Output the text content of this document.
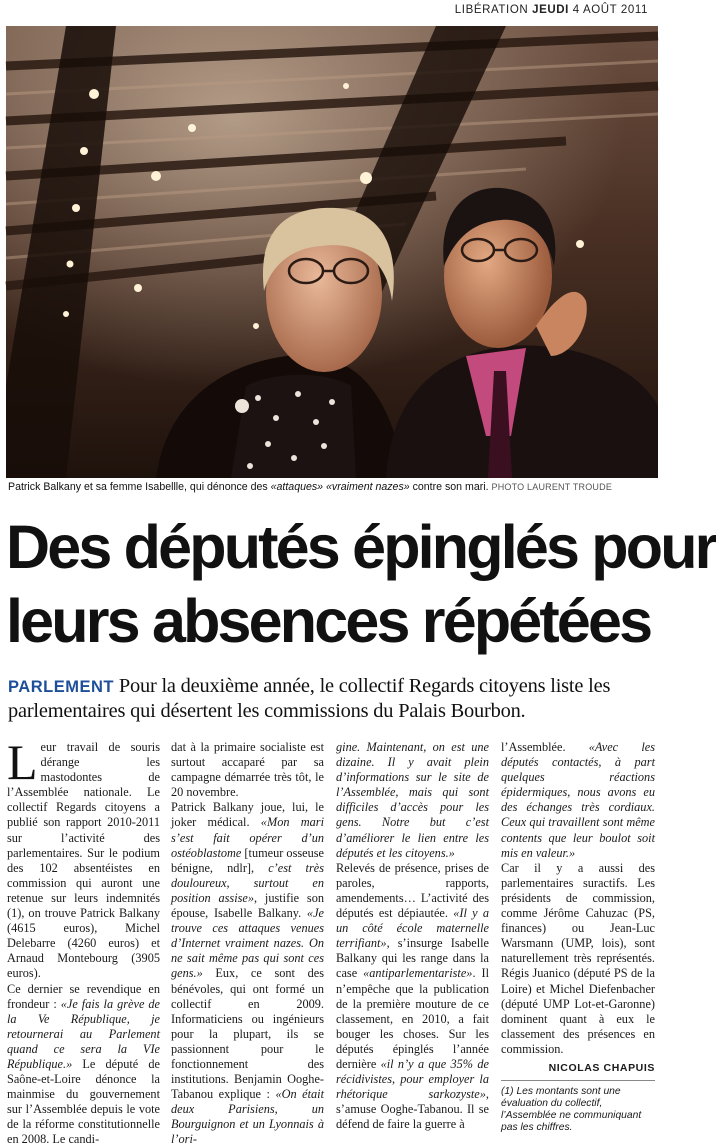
LIBÉRATION JEUDI 4 AOÛT 2011
Patrick Balkany et sa femme Isabellle, qui dénonce des «attaques» «vraiment nazes» contre son mari. PHOTO LAURENT TROUDE
Des députés épinglés pour
leurs absences répétées
PARLEMENT Pour la deuxième année, le collectif Regards citoyens liste les parlementaires qui désertent les commissions du Palais Bourbon.

Leur travail de souris dérange les mastodontes de l’Assemblée nationale. Le collectif Regards citoyens a publié son rapport 2010-2011 sur l’activité des parlementaires. Sur le podium des 102 absentéistes en commission qui auront une retenue sur leurs indemnités (1), on trouve Patrick Balkany (4615 euros), Michel Delebarre (4260 euros) et Arnaud Montebourg (3905 euros).

Ce dernier se revendique en frondeur : «Je fais la grève de la Ve République, je retournerai au Parlement quand ce sera la VIe République.» Le député de Saône-et-Loire dénonce la mainmise du gouvernement sur l’Assemblée depuis le vote de la réforme constitutionnelle en 2008. Le candi-

dat à la primaire socialiste est surtout accaparé par sa campagne démarrée très tôt, le 20 novembre.

Patrick Balkany joue, lui, le joker médical. «Mon mari s’est fait opérer d’un ostéoblastome [tumeur osseuse bénigne, ndlr], c’est très douloureux, surtout en position assise», justifie son épouse, Isabelle Balkany. «Je trouve ces attaques venues d’Internet vraiment nazes. On ne sait même pas qui sont ces gens.» Eux, ce sont des bénévoles, qui ont formé un collectif en 2009. Informaticiens ou ingénieurs pour la plupart, ils se passionnent pour le fonctionnement des institutions. Benjamin Ooghe-Tabanou explique : «On était deux Parisiens, un Bourguignon et un Lyonnais à l’ori-

gine. Maintenant, on est une dizaine. Il y avait plein d’informations sur le site de l’Assemblée, mais qui sont difficiles d’accès pour les gens. Notre but c’est d’améliorer le lien entre les députés et les citoyens.»

Relevés de présence, prises de paroles, rapports, amendements… L’activité des députés est dépiautée. «Il y a un côté école maternelle terrifiant», s’insurge Isabelle Balkany qui les range dans la case «antiparlementariste». Il n’empêche que la publication de la première mouture de ce classement, en 2010, a fait bouger les choses. Sur les députés épinglés l’année dernière «il n’y a que 35% de récidivistes, pour employer la rhétorique sarkozyste», s’amuse Ooghe-Tabanou. Il se défend de faire la guerre à

l’Assemblée. «Avec les députés contactés, à part quelques réactions épidermiques, nous avons eu des échanges très cordiaux. Ceux qui travaillent sont même contents que leur boulot soit mis en valeur.»

Car il y a aussi des parlementaires suractifs. Les présidents de commission, comme Jérôme Cahuzac (PS, finances) ou Jean-Luc Warsmann (UMP, lois), sont naturellement très représentés. Régis Juanico (député PS de la Loire) et Michel Diefenbacher (député UMP Lot-et-Garonne) dominent quant à eux le classement des présences en commission.

NICOLAS CHAPUIS
(1) Les montants sont une évaluation du collectif, l’Assemblée ne communiquant pas les chiffres.
